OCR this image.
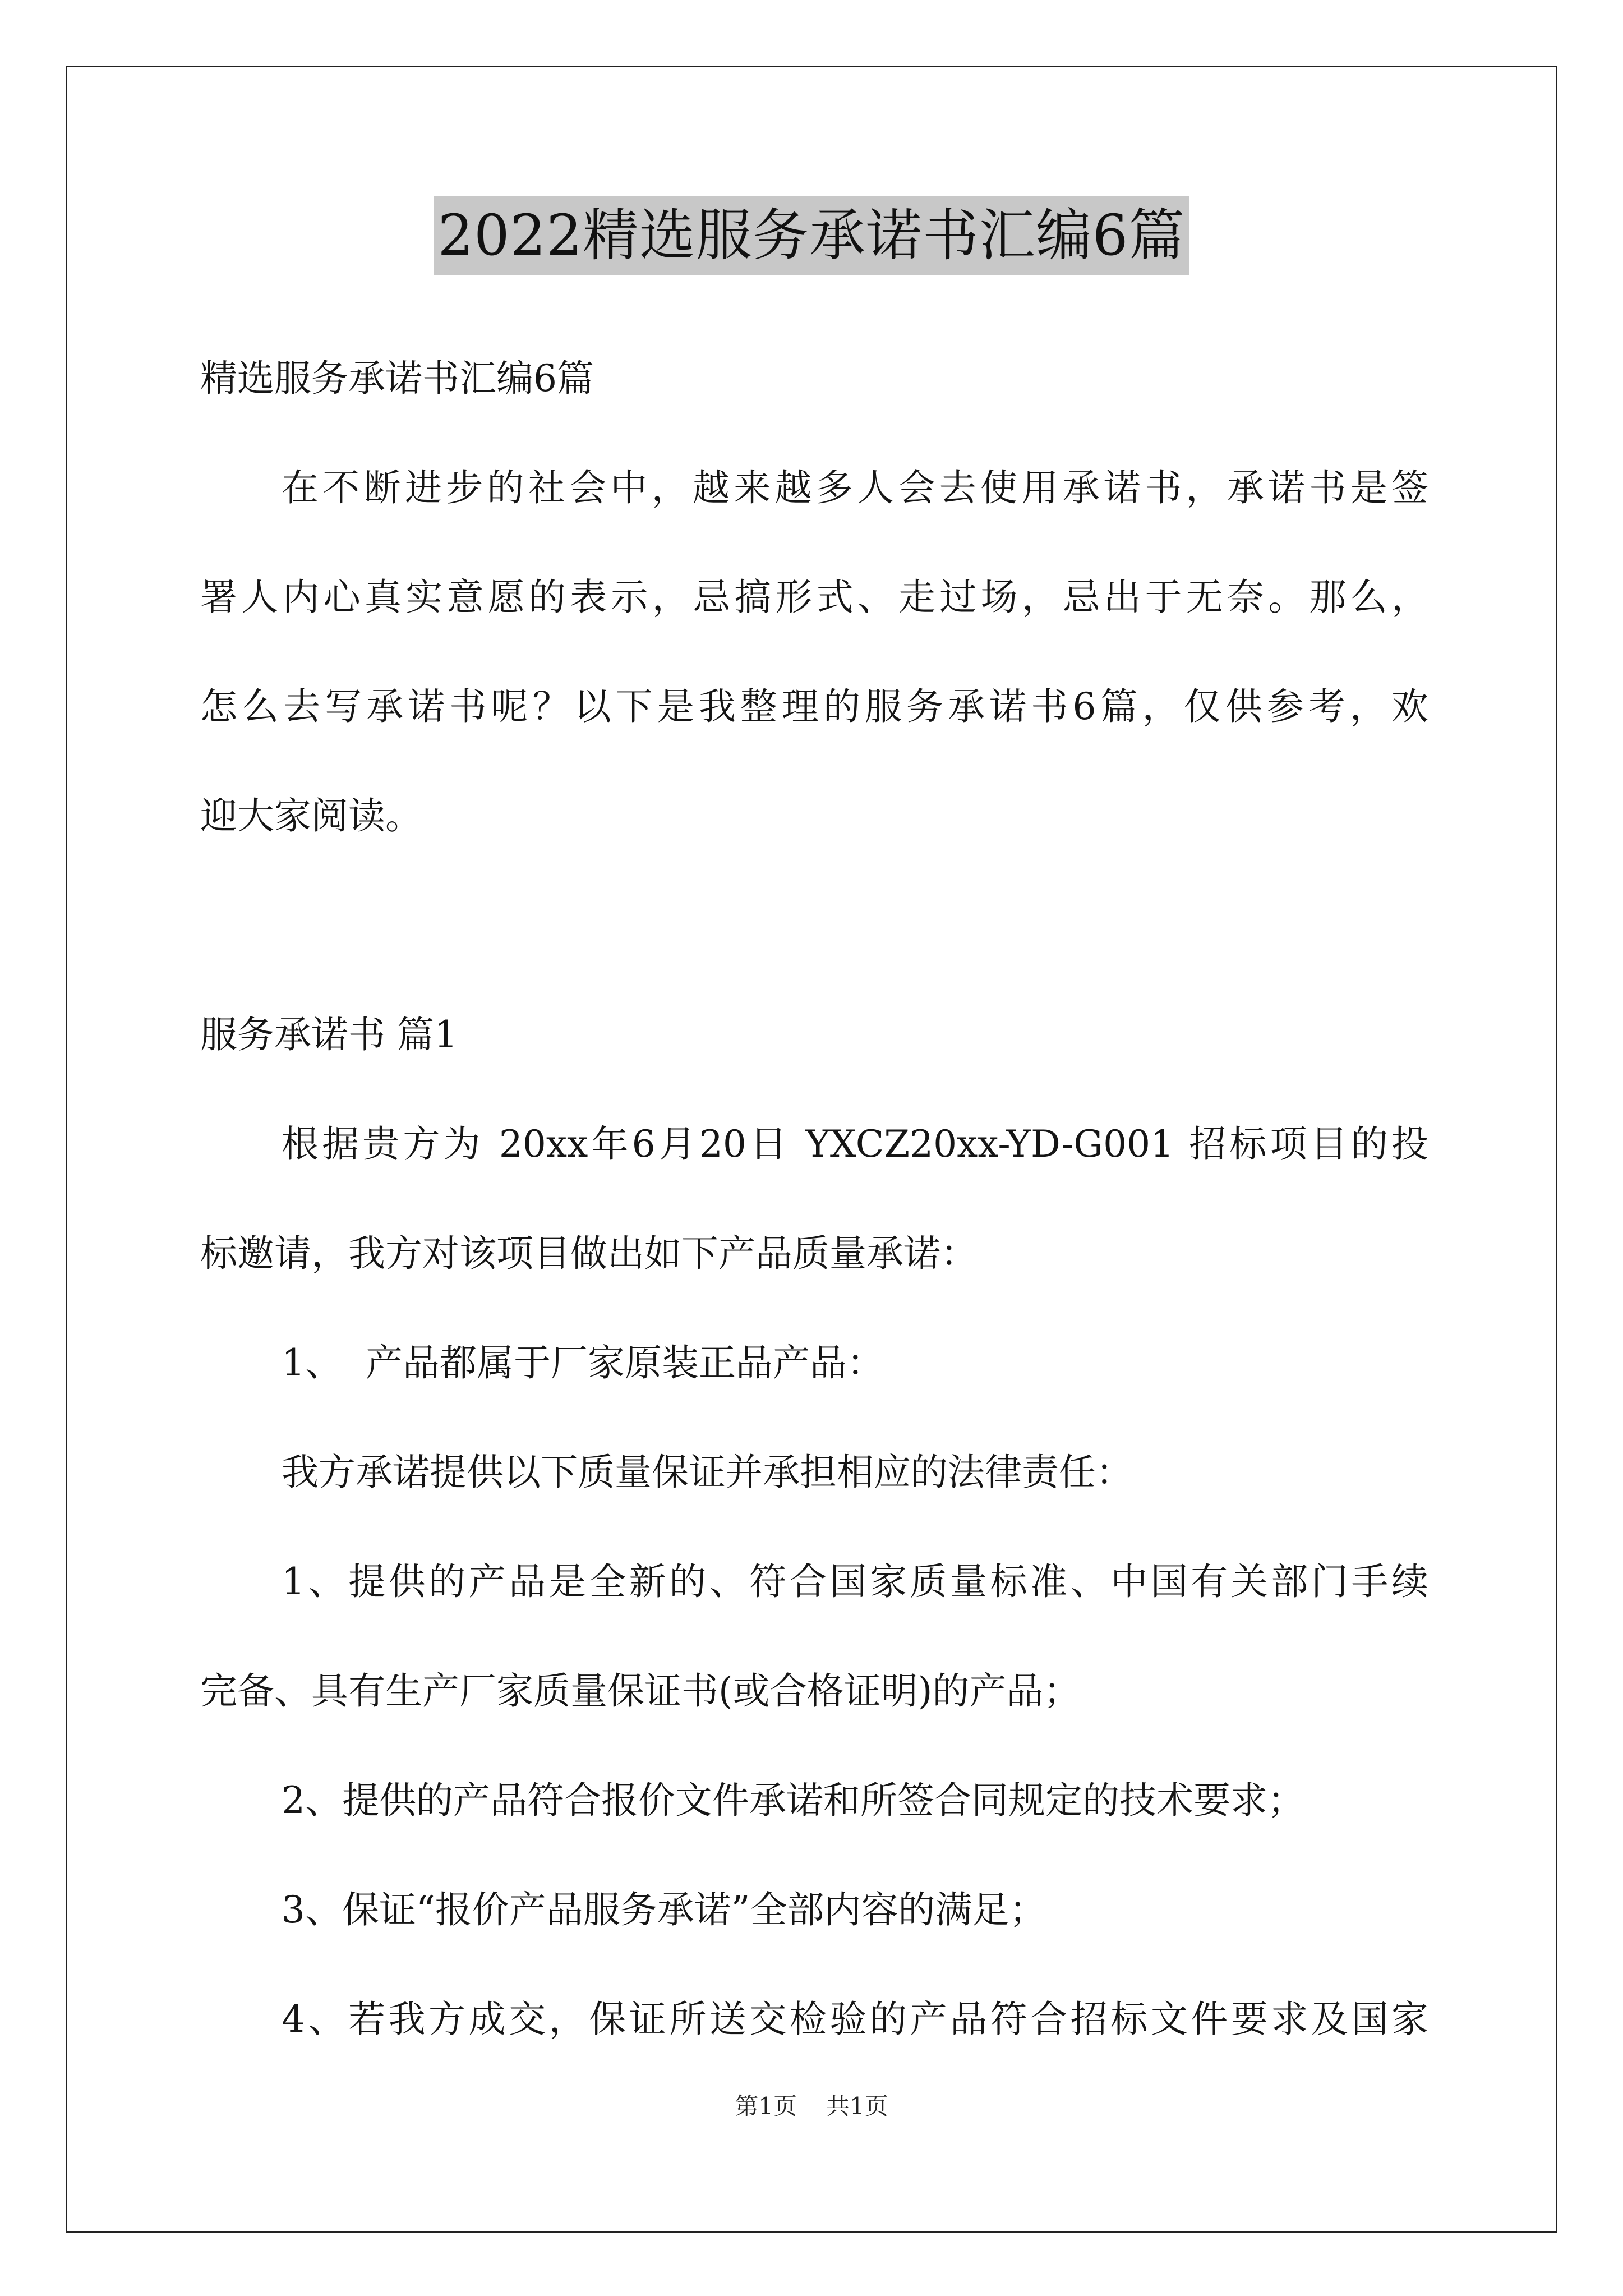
2022精选服务承诺书汇编6篇
精选服务承诺书汇编6篇
在不断进步的社会中，越来越多人会去使用承诺书，承诺书是签
署人内心真实意愿的表示，忌搞形式、走过场，忌出于无奈。那么，
怎么去写承诺书呢？以下是我整理的服务承诺书6篇，仅供参考，欢
迎大家阅读。
服务承诺书 篇1
根据贵方为 20xx年6月20日 YXCZ20xx-YD-G001 招标项目的投
标邀请，我方对该项目做出如下产品质量承诺：
1、  产品都属于厂家原装正品产品：
我方承诺提供以下质量保证并承担相应的法律责任：
1、提供的产品是全新的、符合国家质量标准、中国有关部门手续
完备、具有生产厂家质量保证书(或合格证明)的产品；
2、提供的产品符合报价文件承诺和所签合同规定的技术要求；
3、保证“报价产品服务承诺”全部内容的满足；
4、若我方成交，保证所送交检验的产品符合招标文件要求及国家
第1页 共1页
